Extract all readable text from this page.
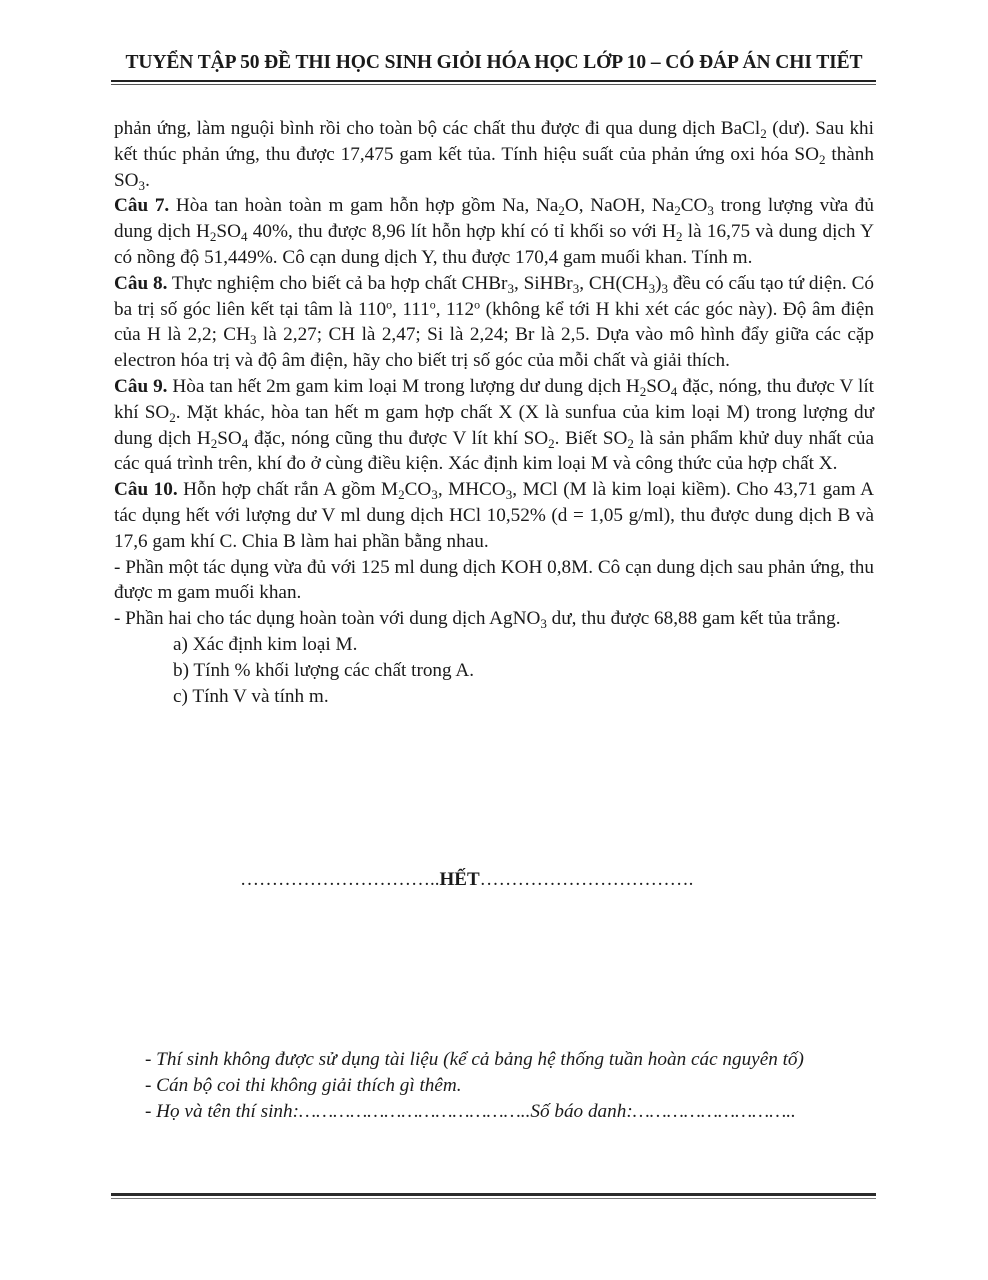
TUYỂN TẬP 50 ĐỀ THI HỌC SINH GIỎI HÓA HỌC LỚP 10 – CÓ ĐÁP ÁN CHI TIẾT

phản ứng, làm nguội bình rồi cho toàn bộ các chất thu được đi qua dung dịch BaCl$_2$ (dư). Sau khi kết thúc phản ứng, thu được 17,475 gam kết tủa. Tính hiệu suất của phản ứng oxi hóa $SO_2$ thành $SO_3$.

Câu 7. Hòa tan hoàn toàn m gam hỗn hợp gồm Na, $Na_2O$, NaOH, $Na_2CO_3$ trong lượng vừa đủ dung dịch $H_2SO_4$ 40%, thu được 8,96 lít hỗn hợp khí có tỉ khối so với $H_2$ là 16,75 và dung dịch Y có nồng độ 51,449%. Cô cạn dung dịch Y, thu được 170,4 gam muối khan. Tính m.

Câu 8. Thực nghiệm cho biết cả ba hợp chất CHBr$_3$, SiHBr$_3$, $CH(CH_3)_3$ đều có cấu tạo tứ diện. Có ba trị số góc liên kết tại tâm là 110$^o$, 111$^o$, 112$^o$ (không kể tới H khi xét các góc này). Độ âm điện của H là 2,2; $CH_3$ là 2,27; CH là 2,47; Si là 2,24; Br là 2,5. Dựa vào mô hình đẩy giữa các cặp electron hóa trị và độ âm điện, hãy cho biết trị số góc của mỗi chất và giải thích.

Câu 9. Hòa tan hết 2m gam kim loại M trong lượng dư dung dịch $H_2SO_4$ đặc, nóng, thu được V lít khí $SO_2$. Mặt khác, hòa tan hết m gam hợp chất X (X là sunfua của kim loại M) trong lượng dư dung dịch $H_2SO_4$ đặc, nóng cũng thu được V lít khí $SO_2$. Biết $SO_2$ là sản phẩm khử duy nhất của các quá trình trên, khí đo ở cùng điều kiện. Xác định kim loại M và công thức của hợp chất X.

Câu 10. Hỗn hợp chất rắn A gồm $M_2CO_3$, $MHCO_3$, MCl (M là kim loại kiềm). Cho 43,71 gam A tác dụng hết với lượng dư V ml dung dịch HCl 10,52% (d = 1,05 g/ml), thu được dung dịch B và 17,6 gam khí C. Chia B làm hai phần bằng nhau.

- Phần một tác dụng vừa đủ với 125 ml dung dịch KOH 0,8M. Cô cạn dung dịch sau phản ứng, thu được m gam muối khan.

- Phần hai cho tác dụng hoàn toàn với dung dịch AgNO$_3$ dư, thu được 68,88 gam kết tủa trắng.

a) Xác định kim loại M.
b) Tính % khối lượng các chất trong A.
c) Tính V và tính m.
…………………………..HẾT…………………………….

- Thí sinh không được sử dụng tài liệu (kể cả bảng hệ thống tuần hoàn các nguyên tố)

- Cán bộ coi thi không giải thích gì thêm.

- Họ và tên thí sinh:…………………………………..Số báo danh:………………………..
